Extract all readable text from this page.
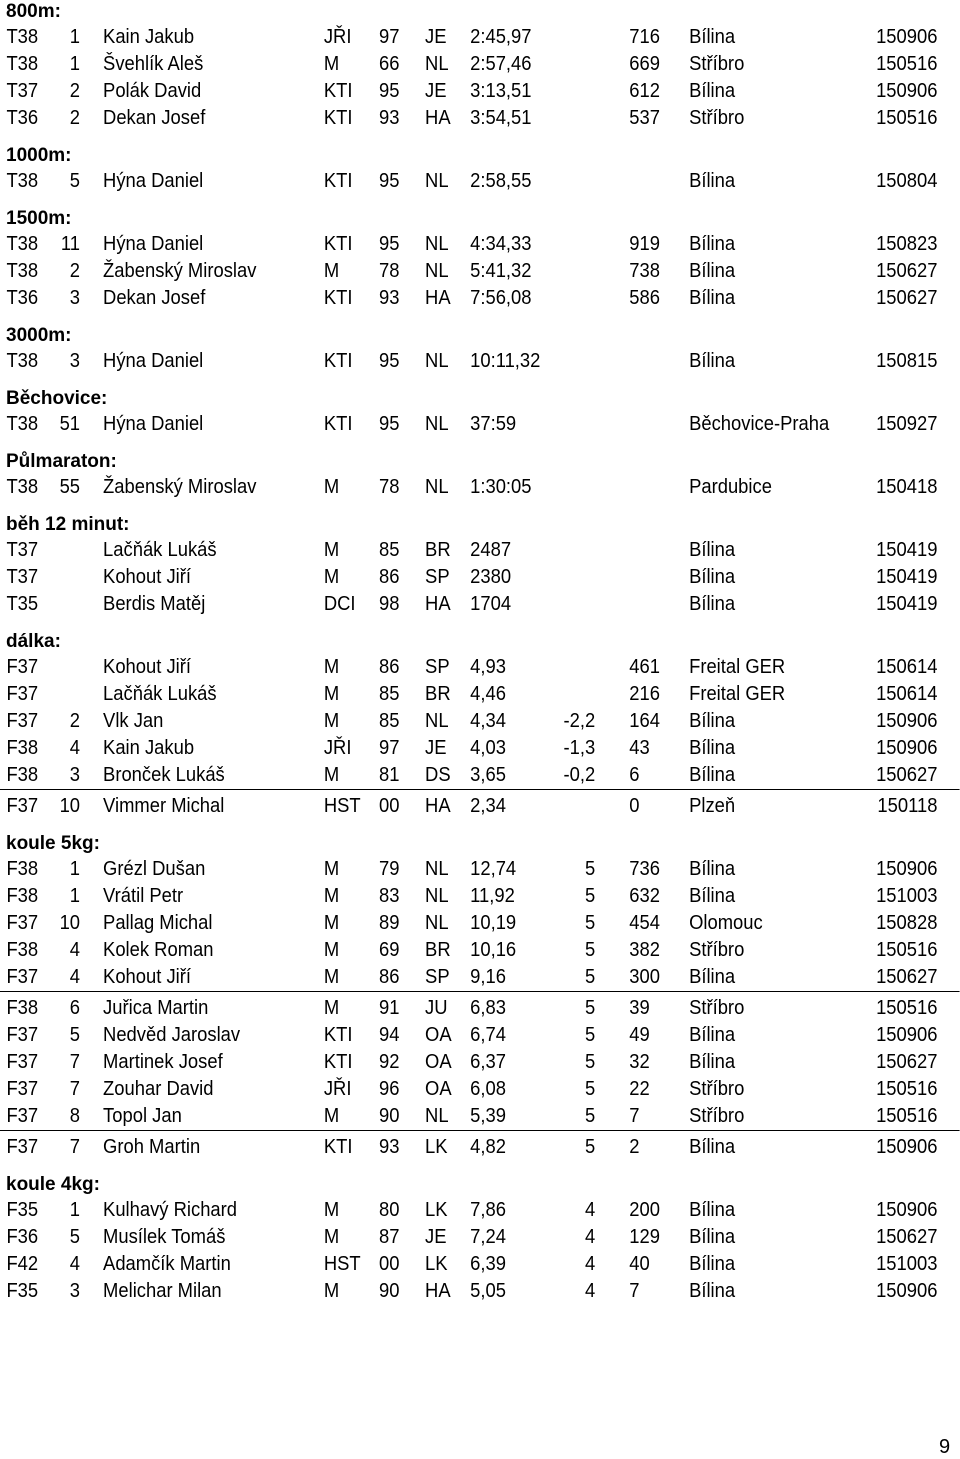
800m:
T38	1 Kain Jakub	JŘI 97 JE 2:45,97	716 Bílina	150906
T38	1 Švehlík Aleš	M 66 NL 2:57,46	669 Stříbro	150516
T37	2 Polák David	KTI 95 JE 3:13,51	612 Bílina	150906
T36	2 Dekan Josef	KTI 93 HA 3:54,51	537 Stříbro	150516
1000m:
T38	5 Hýna Daniel	KTI 95 NL 2:58,55	Bílina	150804
1500m:
T38	11 Hýna Daniel	KTI 95 NL 4:34,33	919 Bílina	150823
T38	2 Žabenský Miroslav	M 78 NL 5:41,32	738 Bílina	150627
T36	3 Dekan Josef	KTI 93 HA 7:56,08	586 Bílina	150627
3000m:
T38	3 Hýna Daniel	KTI 95 NL 10:11,32	Bílina	150815
Běchovice:
T38	51 Hýna Daniel	KTI 95 NL 37:59	Běchovice-Praha 150927
Půlmaraton:
T38	55 Žabenský Miroslav	M 78 NL 1:30:05	Pardubice	150418
běh 12 minut:
T37	Lačňák Lukáš	M 85 BR 2487	Bílina	150419
T37	Kohout Jiří	M 86 SP 2380	Bílina	150419
T35	Berdis Matěj	DCI 98 HA 1704	Bílina	150419
dálka:
F37	Kohout Jiří	M 86 SP 4,93	461 Freital GER	150614
F37	Lačňák Lukáš	M 85 BR 4,46	216 Freital GER	150614
F37	2 Vlk Jan	M 85 NL 4,34	-2,2 164 Bílina	150906
F38	4 Kain Jakub	JŘI 97 JE 4,03	-1,3 43 Bílina	150906
F38	3 Bronček Lukáš	M 81 DS 3,65	-0,2 6 Bílina	150627
F37	10 Vimmer Michal	HST 00 HA 2,34	0 Plzeň	150118
koule 5kg:
F38	1 Grézl Dušan	M 79 NL 12,74	5 736 Bílina	150906
F38	1 Vrátil Petr	M 83 NL 11,92	5 632 Bílina	151003
F37	10 Pallag Michal	M 89 NL 10,19	5 454 Olomouc	150828
F38	4 Kolek Roman	M 69 BR 10,16	5 382 Stříbro	150516
F37	4 Kohout Jiří	M 86 SP 9,16	5 300 Bílina	150627
F38	6 Juřica Martin	M 91 JU 6,83	5 39 Stříbro	150516
F37	5 Nedvěd Jaroslav	KTI 94 OA 6,74	5 49 Bílina	150906
F37	7 Martinek Josef	KTI 92 OA 6,37	5 32 Bílina	150627
F37	7 Zouhar David	JŘI 96 OA 6,08	5 22 Stříbro	150516
F37	8 Topol Jan	M 90 NL 5,39	5 7 Stříbro	150516
F37	7 Groh Martin	KTI 93 LK 4,82	5 2 Bílina	150906
koule 4kg:
F35	1 Kulhavý Richard	M 80 LK 7,86	4 200 Bílina	150906
F36	5 Musílek Tomáš	M 87 JE 7,24	4 129 Bílina	150627
F42	4 Adamčík Martin	HST 00 LK 6,39	4 40 Bílina	151003
F35	3 Melichar Milan	M 90 HA 5,05	4 7 Bílina	150906
9
